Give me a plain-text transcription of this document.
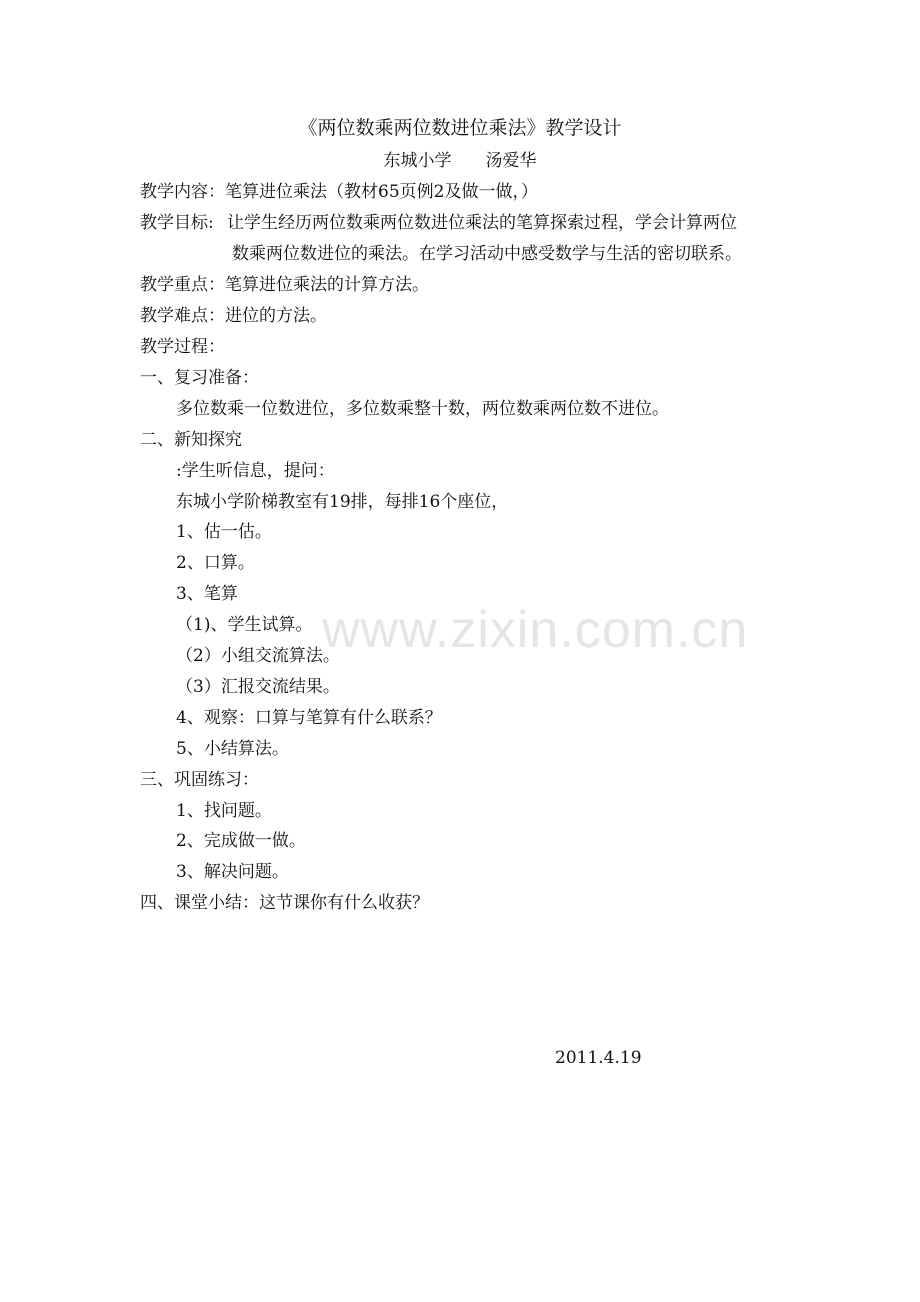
《两位数乘两位数进位乘法》教学设计
东城小学 汤爱华
教学内容：笔算进位乘法（教材65页例2及做一做，）
教学目标: 让学生经历两位数乘两位数进位乘法的笔算探索过程，学会计算两位
数乘两位数进位的乘法。在学习活动中感受数学与生活的密切联系。
教学重点：笔算进位乘法的计算方法。
教学难点：进位的方法。
教学过程：
一、复习准备：
多位数乘一位数进位，多位数乘整十数，两位数乘两位数不进位。
二、新知探究
:学生听信息，提问：
东城小学阶梯教室有19排，每排16个座位，
1、估一估。
2、口算。
3、笔算
（1)、学生试算。
（2）小组交流算法。
（3）汇报交流结果。
4、观察：口算与笔算有什么联系？
5、小结算法。
三、巩固练习：
1、找问题。
2、完成做一做。
3、解决问题。
四、课堂小结：这节课你有什么收获？
2011.4.19
www.zixin.com.cn
